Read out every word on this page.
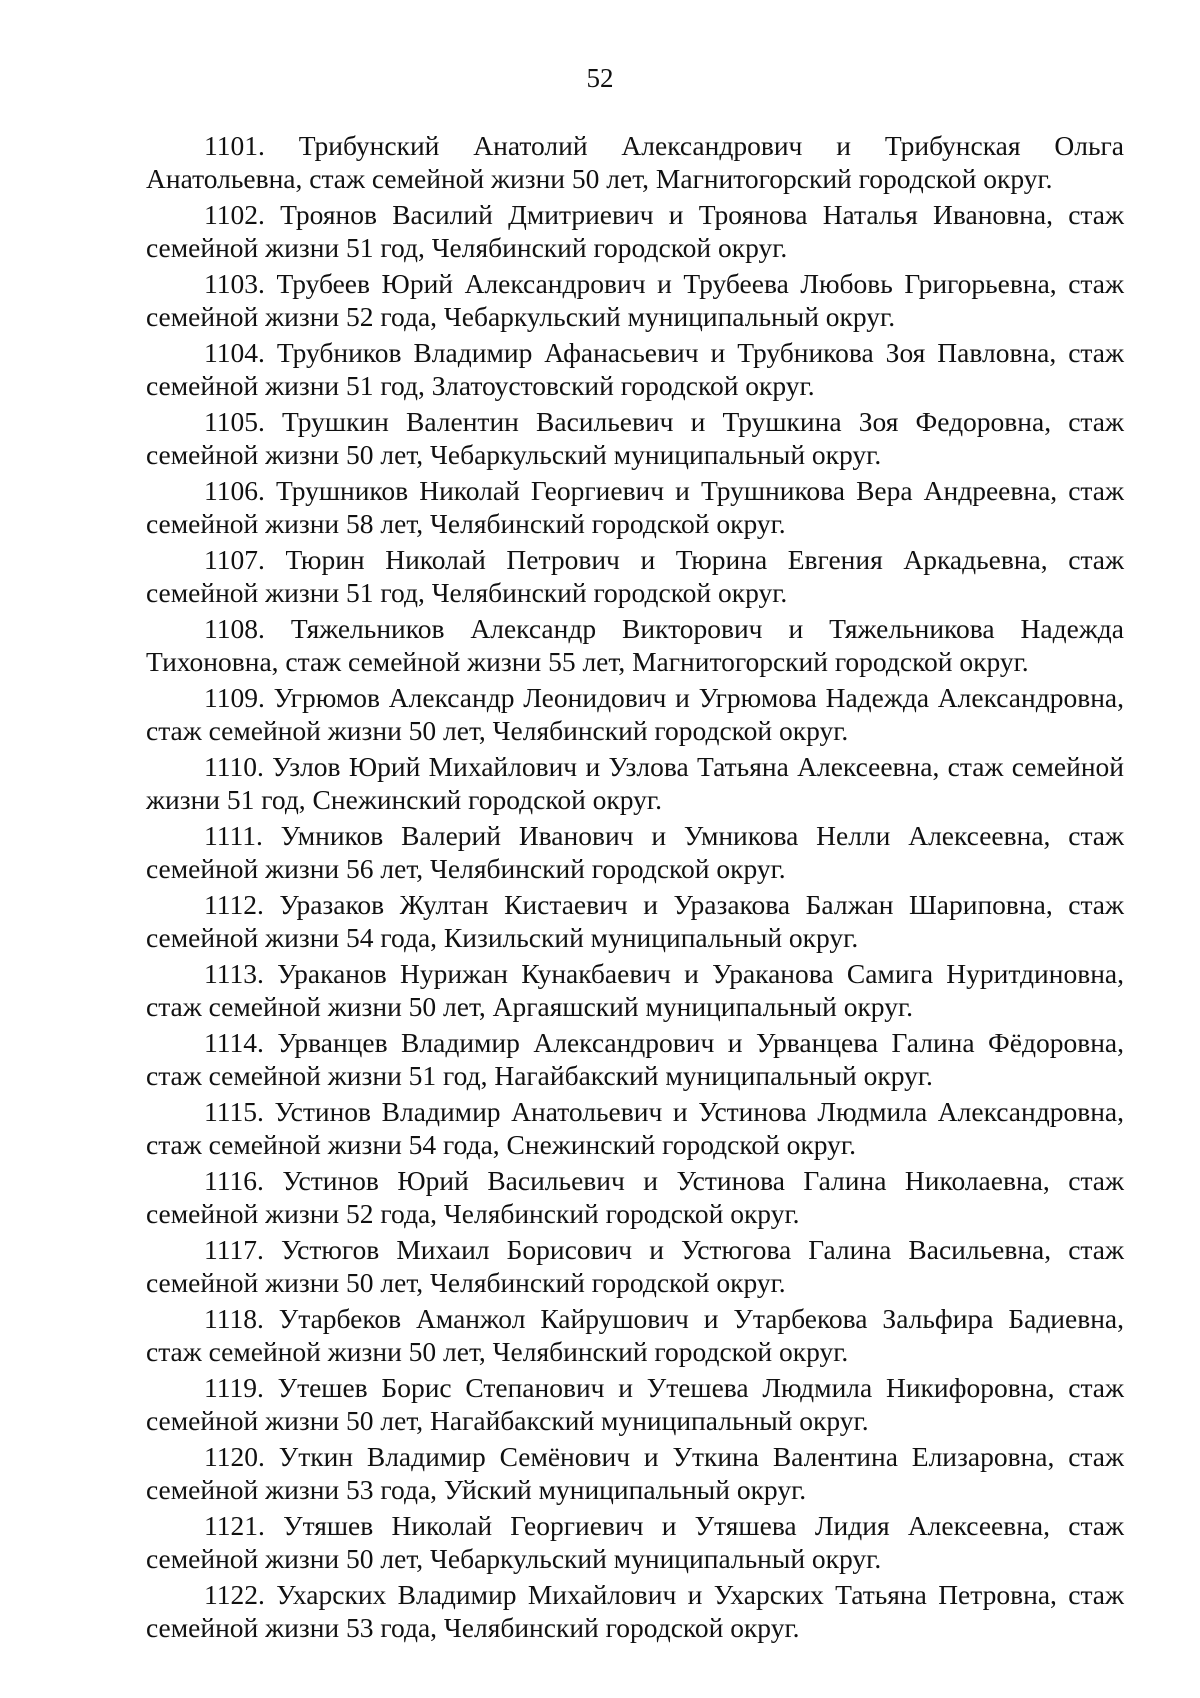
52

1101. Трибунский Анатолий Александрович и Трибунская Ольга Анатольевна, стаж семейной жизни 50 лет, Магнитогорский городской округ.

1102. Троянов Василий Дмитриевич и Троянова Наталья Ивановна, стаж семейной жизни 51 год, Челябинский городской округ.

1103. Трубеев Юрий Александрович и Трубеева Любовь Григорьевна, стаж семейной жизни 52 года, Чебаркульский муниципальный округ.

1104. Трубников Владимир Афанасьевич и Трубникова Зоя Павловна, стаж семейной жизни 51 год, Златоустовский городской округ.

1105. Трушкин Валентин Васильевич и Трушкина Зоя Федоровна, стаж семейной жизни 50 лет, Чебаркульский муниципальный округ.

1106. Трушников Николай Георгиевич и Трушникова Вера Андреевна, стаж семейной жизни 58 лет, Челябинский городской округ.

1107. Тюрин Николай Петрович и Тюрина Евгения Аркадьевна, стаж семейной жизни 51 год, Челябинский городской округ.

1108. Тяжельников Александр Викторович и Тяжельникова Надежда Тихоновна, стаж семейной жизни 55 лет, Магнитогорский городской округ.

1109. Угрюмов Александр Леонидович и Угрюмова Надежда Александровна, стаж семейной жизни 50 лет, Челябинский городской округ.

1110. Узлов Юрий Михайлович и Узлова Татьяна Алексеевна, стаж семейной жизни 51 год, Снежинский городской округ.

1111. Умников Валерий Иванович и Умникова Нелли Алексеевна, стаж семейной жизни 56 лет, Челябинский городской округ.

1112. Уразаков Жултан Кистаевич и Уразакова Балжан Шариповна, стаж семейной жизни 54 года, Кизильский муниципальный округ.

1113. Ураканов Нурижан Кунакбаевич и Ураканова Самига Нуритдиновна, стаж семейной жизни 50 лет, Аргаяшский муниципальный округ.

1114. Урванцев Владимир Александрович и Урванцева Галина Фёдоровна, стаж семейной жизни 51 год, Нагайбакский муниципальный округ.

1115. Устинов Владимир Анатольевич и Устинова Людмила Александровна, стаж семейной жизни 54 года, Снежинский городской округ.

1116. Устинов Юрий Васильевич и Устинова Галина Николаевна, стаж семейной жизни 52 года, Челябинский городской округ.

1117. Устюгов Михаил Борисович и Устюгова Галина Васильевна, стаж семейной жизни 50 лет, Челябинский городской округ.

1118. Утарбеков Аманжол Кайрушович и Утарбекова Зальфира Бадиевна, стаж семейной жизни 50 лет, Челябинский городской округ.

1119. Утешев Борис Степанович и Утешева Людмила Никифоровна, стаж семейной жизни 50 лет, Нагайбакский муниципальный округ.

1120. Уткин Владимир Семёнович и Уткина Валентина Елизаровна, стаж семейной жизни 53 года, Уйский муниципальный округ.

1121. Утяшев Николай Георгиевич и Утяшева Лидия Алексеевна, стаж семейной жизни 50 лет, Чебаркульский муниципальный округ.

1122. Ухарских Владимир Михайлович и Ухарских Татьяна Петровна, стаж семейной жизни 53 года, Челябинский городской округ.
